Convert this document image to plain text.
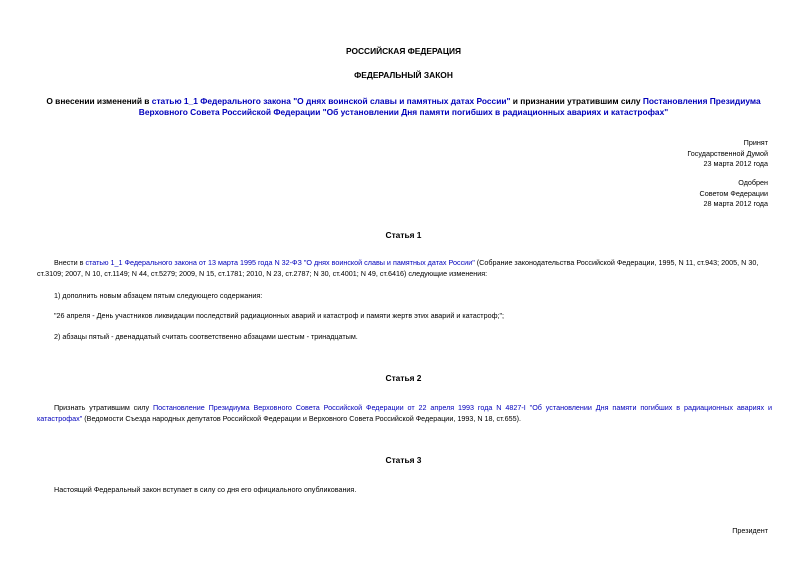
РОССИЙСКАЯ ФЕДЕРАЦИЯ
ФЕДЕРАЛЬНЫЙ ЗАКОН
О внесении изменений в статью 1_1 Федерального закона "О днях воинской славы и памятных датах России" и признании утратившим силу Постановления Президиума Верховного Совета Российской Федерации "Об установлении Дня памяти погибших в радиационных авариях и катастрофах"
Принят
Государственной Думой
23 марта 2012 года
Одобрен
Советом Федерации
28 марта 2012 года
Статья 1
Внести в статью 1_1 Федерального закона от 13 марта 1995 года N 32-ФЗ "О днях воинской славы и памятных датах России" (Собрание законодательства Российской Федерации, 1995, N 11, ст.943; 2005, N 30, ст.3109; 2007, N 10, ст.1149; N 44, ст.5279; 2009, N 15, ст.1781; 2010, N 23, ст.2787; N 30, ст.4001; N 49, ст.6416) следующие изменения:
1) дополнить новым абзацем пятым следующего содержания:
"26 апреля - День участников ликвидации последствий радиационных аварий и катастроф и памяти жертв этих аварий и катастроф;";
2) абзацы пятый - двенадцатый считать соответственно абзацами шестым - тринадцатым.
Статья 2
Признать утратившим силу Постановление Президиума Верховного Совета Российской Федерации от 22 апреля 1993 года N 4827-I "Об установлении Дня памяти погибших в радиационных авариях и катастрофах" (Ведомости Съезда народных депутатов Российской Федерации и Верховного Совета Российской Федерации, 1993, N 18, ст.655).
Статья 3
Настоящий Федеральный закон вступает в силу со дня его официального опубликования.
Президент
